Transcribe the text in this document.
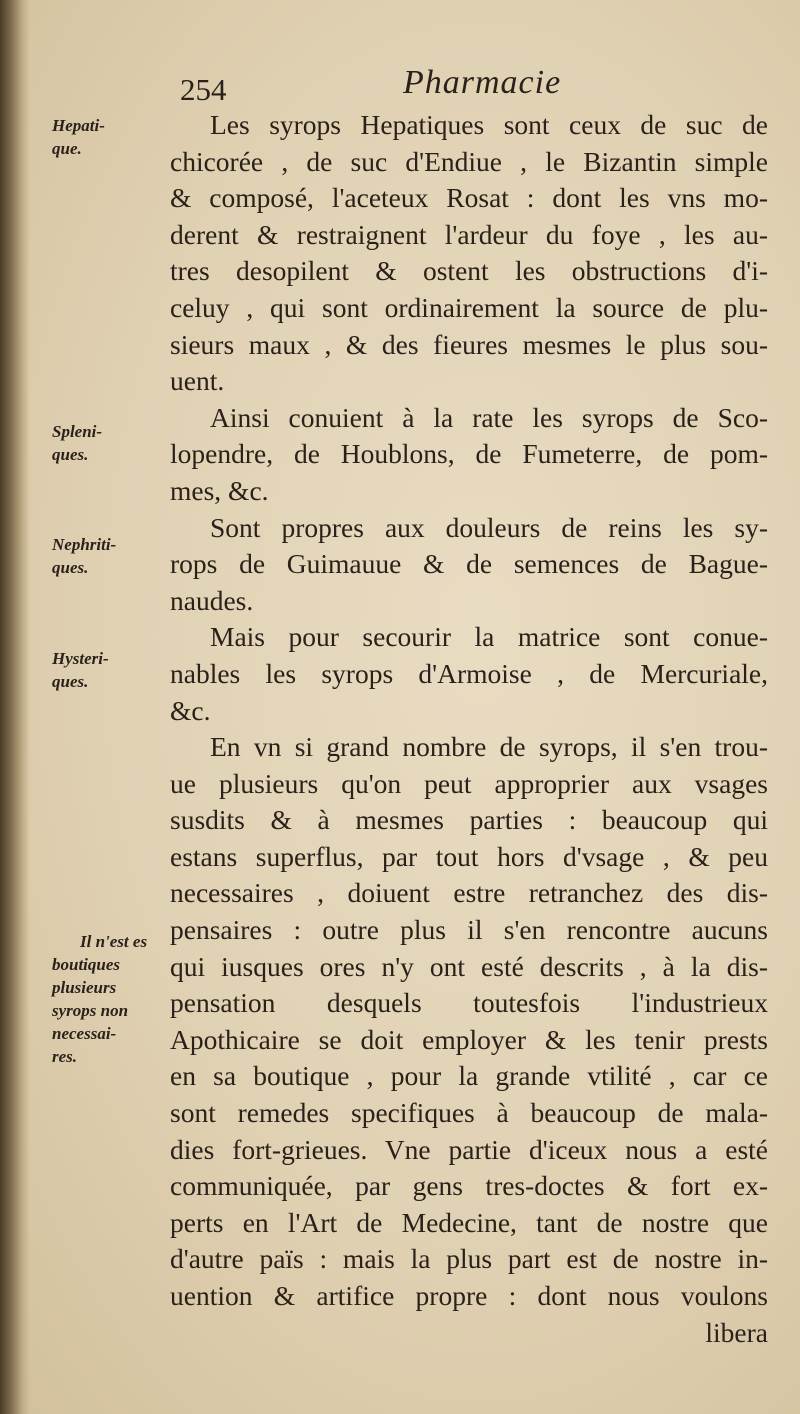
254	Pharmacie
Hepati-
que.
Spleni-
ques.
Nephriti-
ques.
Hysteri-
ques.
Il n'est es
boutiques
plusieurs
syrops non
necessai-
res.
Les syrops Hepatiques sont ceux de suc de
chicorée , de suc d'Endiue , le Bizantin simple
& composé, l'aceteux Rosat : dont les vns mo-
derent & restraignent l'ardeur du foye , les au-
tres desopilent & ostent les obstructions d'i-
celuy , qui sont ordinairement la source de plu-
sieurs maux , & des fieures mesmes le plus sou-
uent.
Ainsi conuient à la rate les syrops de Sco-
lopendre, de Houblons, de Fumeterre, de pom-
mes, &c.
Sont propres aux douleurs de reins les sy-
rops de Guimauue & de semences de Bague-
naudes.
Mais pour secourir la matrice sont conue-
nables les syrops d'Armoise , de Mercuriale,
&c.
En vn si grand nombre de syrops, il s'en trou-
ue plusieurs qu'on peut approprier aux vsages
susdits & à mesmes parties : beaucoup qui
estans superflus, par tout hors d'vsage , & peu
necessaires , doiuent estre retranchez des dis-
pensaires : outre plus il s'en rencontre aucuns
qui iusques ores n'y ont esté descrits , à la dis-
pensation desquels toutesfois l'industrieux
Apothicaire se doit employer & les tenir prests
en sa boutique , pour la grande vtilité , car ce
sont remedes specifiques à beaucoup de mala-
dies fort-grieues. Vne partie d'iceux nous a esté
communiquée, par gens tres-doctes & fort ex-
perts en l'Art de Medecine, tant de nostre que
d'autre païs : mais la plus part est de nostre in-
uention & artifice propre : dont nous voulons
libera
